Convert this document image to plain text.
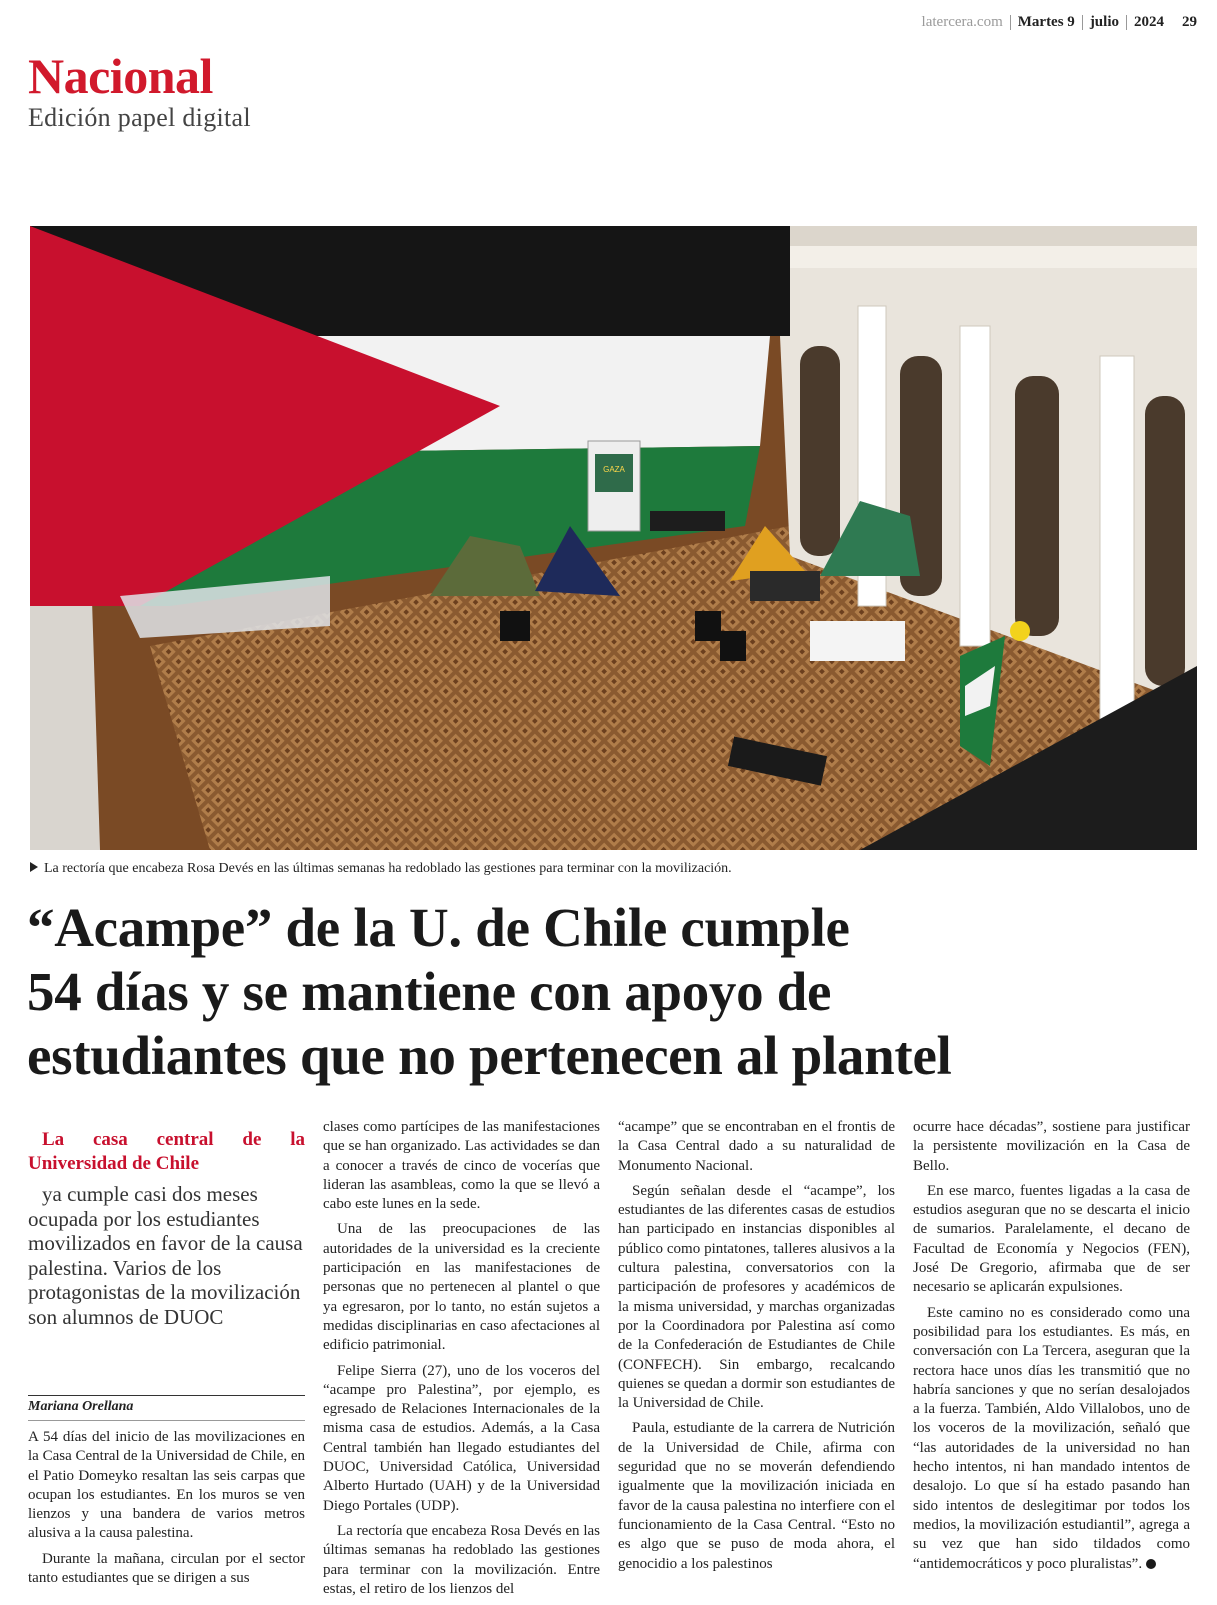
latercera.com Martes 9 julio 2024 29
Nacional
Edición papel digital
GAZA
La rectoría que encabeza Rosa Devés en las últimas semanas ha redoblado las gestiones para terminar con la movilización.
“Acampe” de la U. de Chile cumple
54 días y se mantiene con apoyo de
estudiantes que no pertenecen al plantel

La casa central de la Universidad de Chile

ya cumple casi dos meses ocupada por los estudiantes movilizados en favor de la causa palestina. Varios de los protagonistas de la movilización son alumnos de DUOC

Mariana Orellana

A 54 días del inicio de las movilizaciones en la Casa Central de la Universidad de Chile, en el Patio Domeyko resaltan las seis carpas que ocupan los estudiantes. En los muros se ven lienzos y una bandera de varios metros alusiva a la causa palestina.

Durante la mañana, circulan por el sector tanto estudiantes que se dirigen a sus

clases como partícipes de las manifestaciones que se han organizado. Las actividades se dan a conocer a través de cinco de vocerías que lideran las asambleas, como la que se llevó a cabo este lunes en la sede.

Una de las preocupaciones de las autoridades de la universidad es la creciente participación en las manifestaciones de personas que no pertenecen al plantel o que ya egresaron, por lo tanto, no están sujetos a medidas disciplinarias en caso afectaciones al edificio patrimonial.

Felipe Sierra (27), uno de los voceros del “acampe pro Palestina”, por ejemplo, es egresado de Relaciones Internacionales de la misma casa de estudios. Además, a la Casa Central también han llegado estudiantes del DUOC, Universidad Católica, Universidad Alberto Hurtado (UAH) y de la Universidad Diego Portales (UDP).

La rectoría que encabeza Rosa Devés en las últimas semanas ha redoblado las gestiones para terminar con la movilización. Entre estas, el retiro de los lienzos del

“acampe” que se encontraban en el frontis de la Casa Central dado a su naturalidad de Monumento Nacional.

Según señalan desde el “acampe”, los estudiantes de las diferentes casas de estudios han participado en instancias disponibles al público como pintatones, talleres alusivos a la cultura palestina, conversatorios con la participación de profesores y académicos de la misma universidad, y marchas organizadas por la Coordinadora por Palestina así como de la Confederación de Estudiantes de Chile (CONFECH). Sin embargo, recalcando quienes se quedan a dormir son estudiantes de la Universidad de Chile.

Paula, estudiante de la carrera de Nutrición de la Universidad de Chile, afirma con seguridad que no se moverán defendiendo igualmente que la movilización iniciada en favor de la causa palestina no interfiere con el funcionamiento de la Casa Central. “Esto no es algo que se puso de moda ahora, el genocidio a los palestinos

ocurre hace décadas”, sostiene para justificar la persistente movilización en la Casa de Bello.

En ese marco, fuentes ligadas a la casa de estudios aseguran que no se descarta el inicio de sumarios. Paralelamente, el decano de Facultad de Economía y Negocios (FEN), José De Gregorio, afirmaba que de ser necesario se aplicarán expulsiones.

Este camino no es considerado como una posibilidad para los estudiantes. Es más, en conversación con La Tercera, aseguran que la rectora hace unos días les transmitió que no habría sanciones y que no serían desalojados a la fuerza. También, Aldo Villalobos, uno de los voceros de la movilización, señaló que “las autoridades de la universidad no han hecho intentos, ni han mandado intentos de desalojo. Lo que sí ha estado pasando han sido intentos de deslegitimar por todos los medios, la movilización estudiantil”, agrega a su vez que han sido tildados como “antidemocráticos y poco pluralistas”.
